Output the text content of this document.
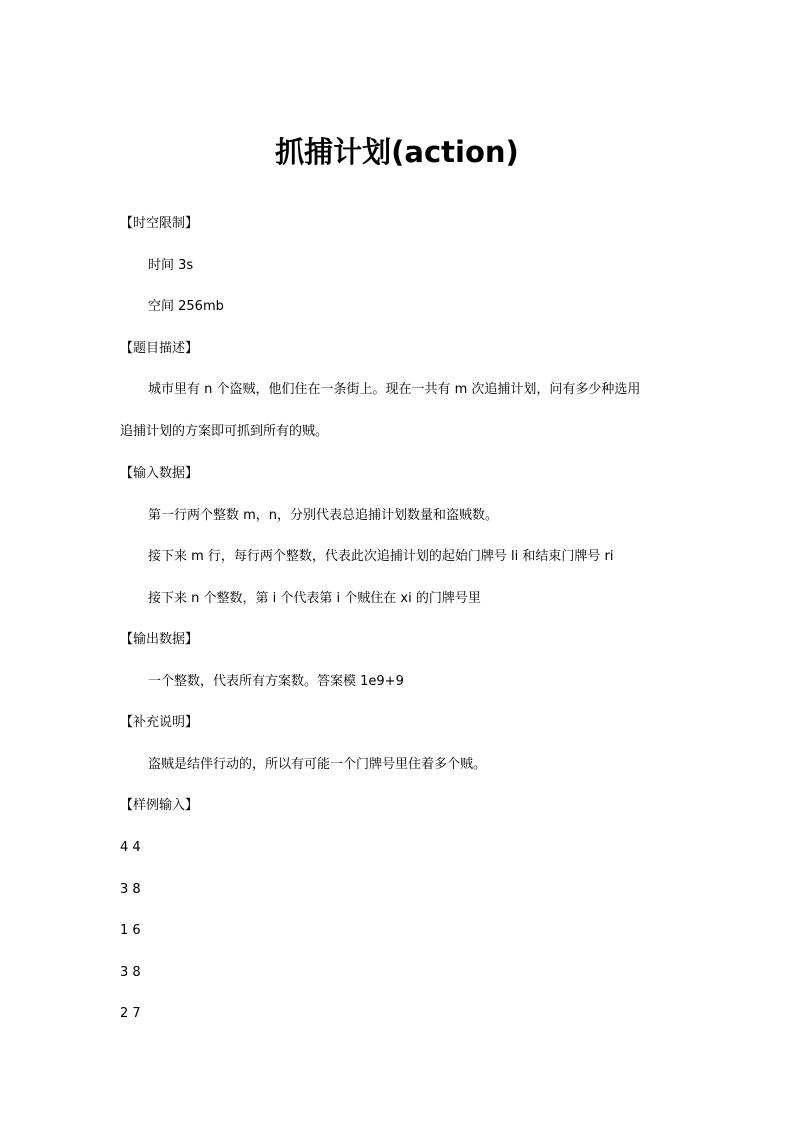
抓捕计划(action)
【时空限制】
时间 3s
空间 256mb
【题目描述】
城市里有 n 个盗贼，他们住在一条街上。现在一共有 m 次追捕计划，问有多少种选用
追捕计划的方案即可抓到所有的贼。
【输入数据】
第一行两个整数 m，n，分别代表总追捕计划数量和盗贼数。
接下来 m 行，每行两个整数，代表此次追捕计划的起始门牌号 li 和结束门牌号 ri
接下来 n 个整数，第 i 个代表第 i 个贼住在 xi 的门牌号里
【输出数据】
一个整数，代表所有方案数。答案模 1e9+9
【补充说明】
盗贼是结伴行动的，所以有可能一个门牌号里住着多个贼。
【样例输入】
4 4
3 8
1 6
3 8
2 7
